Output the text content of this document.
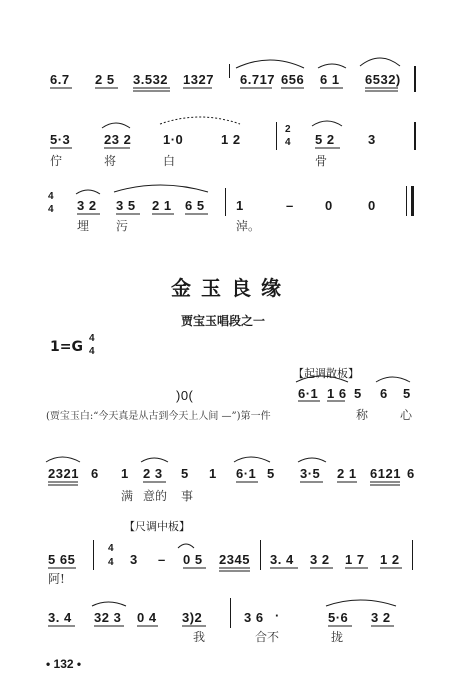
6.7 2 5 3.532 1327 6.717 656 6 1 6532)
5·3	23 2 1·0	1 2
2
4 5 2	3
佇	将	白	骨
4
4 3 2 3 5 2 1 6 5 1	– 0	0
埋 污	淖。
金玉良缘
贾宝玉唱段之一
1=G
4
4
【起调散板】
)0(	6·1 1 6 5 6 5
(贾宝玉白:“今天真是从古到今天上人间 —”)第一件	称	心
2321 6 1 2 3 5 1 6·1 5 3·5 2 1 6121 6
满 意的 事
【尺调中板】
5 65
4
4 3 – 0 5 2345 3. 4 3 2 1 7 1 2
阿!
3. 4 32 3 0 4 3)2	3 6 ·	5·6 3 2
我	合不	拢
• 132 •
